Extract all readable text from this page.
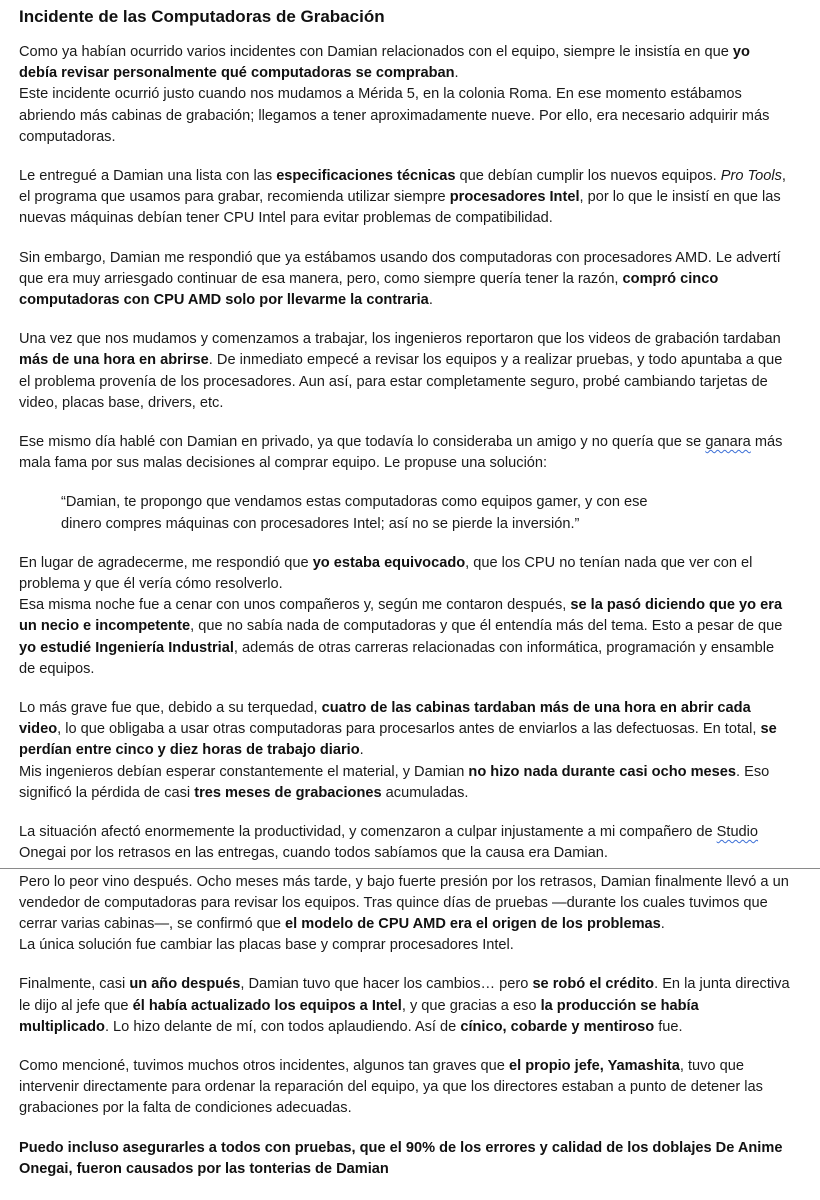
Incidente de las Computadoras de Grabación

Como ya habían ocurrido varios incidentes con Damian relacionados con el equipo, siempre le insistía en que yo debía revisar personalmente qué computadoras se compraban.

Este incidente ocurrió justo cuando nos mudamos a Mérida 5, en la colonia Roma. En ese momento estábamos abriendo más cabinas de grabación; llegamos a tener aproximadamente nueve. Por ello, era necesario adquirir más computadoras.

Le entregué a Damian una lista con las especificaciones técnicas que debían cumplir los nuevos equipos. Pro Tools, el programa que usamos para grabar, recomienda utilizar siempre procesadores Intel, por lo que le insistí en que las nuevas máquinas debían tener CPU Intel para evitar problemas de compatibilidad.

Sin embargo, Damian me respondió que ya estábamos usando dos computadoras con procesadores AMD. Le advertí que era muy arriesgado continuar de esa manera, pero, como siempre quería tener la razón, compró cinco computadoras con CPU AMD solo por llevarme la contraria.

Una vez que nos mudamos y comenzamos a trabajar, los ingenieros reportaron que los videos de grabación tardaban más de una hora en abrirse. De inmediato empecé a revisar los equipos y a realizar pruebas, y todo apuntaba a que el problema provenía de los procesadores. Aun así, para estar completamente seguro, probé cambiando tarjetas de video, placas base, drivers, etc.

Ese mismo día hablé con Damian en privado, ya que todavía lo consideraba un amigo y no quería que se ganara más mala fama por sus malas decisiones al comprar equipo. Le propuse una solución:

“Damian, te propongo que vendamos estas computadoras como equipos gamer, y con ese dinero compres máquinas con procesadores Intel; así no se pierde la inversión.”

En lugar de agradecerme, me respondió que yo estaba equivocado, que los CPU no tenían nada que ver con el problema y que él vería cómo resolverlo.

Esa misma noche fue a cenar con unos compañeros y, según me contaron después, se la pasó diciendo que yo era un necio e incompetente, que no sabía nada de computadoras y que él entendía más del tema. Esto a pesar de que yo estudié Ingeniería Industrial, además de otras carreras relacionadas con informática, programación y ensamble de equipos.

Lo más grave fue que, debido a su terquedad, cuatro de las cabinas tardaban más de una hora en abrir cada video, lo que obligaba a usar otras computadoras para procesarlos antes de enviarlos a las defectuosas. En total, se perdían entre cinco y diez horas de trabajo diario.

Mis ingenieros debían esperar constantemente el material, y Damian no hizo nada durante casi ocho meses. Eso significó la pérdida de casi tres meses de grabaciones acumuladas.

La situación afectó enormemente la productividad, y comenzaron a culpar injustamente a mi compañero de Studio Onegai por los retrasos en las entregas, cuando todos sabíamos que la causa era Damian.

Pero lo peor vino después. Ocho meses más tarde, y bajo fuerte presión por los retrasos, Damian finalmente llevó a un vendedor de computadoras para revisar los equipos. Tras quince días de pruebas —durante los cuales tuvimos que cerrar varias cabinas—, se confirmó que el modelo de CPU AMD era el origen de los problemas.

La única solución fue cambiar las placas base y comprar procesadores Intel.

Finalmente, casi un año después, Damian tuvo que hacer los cambios… pero se robó el crédito. En la junta directiva le dijo al jefe que él había actualizado los equipos a Intel, y que gracias a eso la producción se había multiplicado. Lo hizo delante de mí, con todos aplaudiendo. Así de cínico, cobarde y mentiroso fue.

Como mencioné, tuvimos muchos otros incidentes, algunos tan graves que el propio jefe, Yamashita, tuvo que intervenir directamente para ordenar la reparación del equipo, ya que los directores estaban a punto de detener las grabaciones por la falta de condiciones adecuadas.

Puedo incluso asegurarles a todos con pruebas, que el 90% de los errores y calidad de los doblajes De Anime Onegai, fueron causados por las tonterias de Damian
